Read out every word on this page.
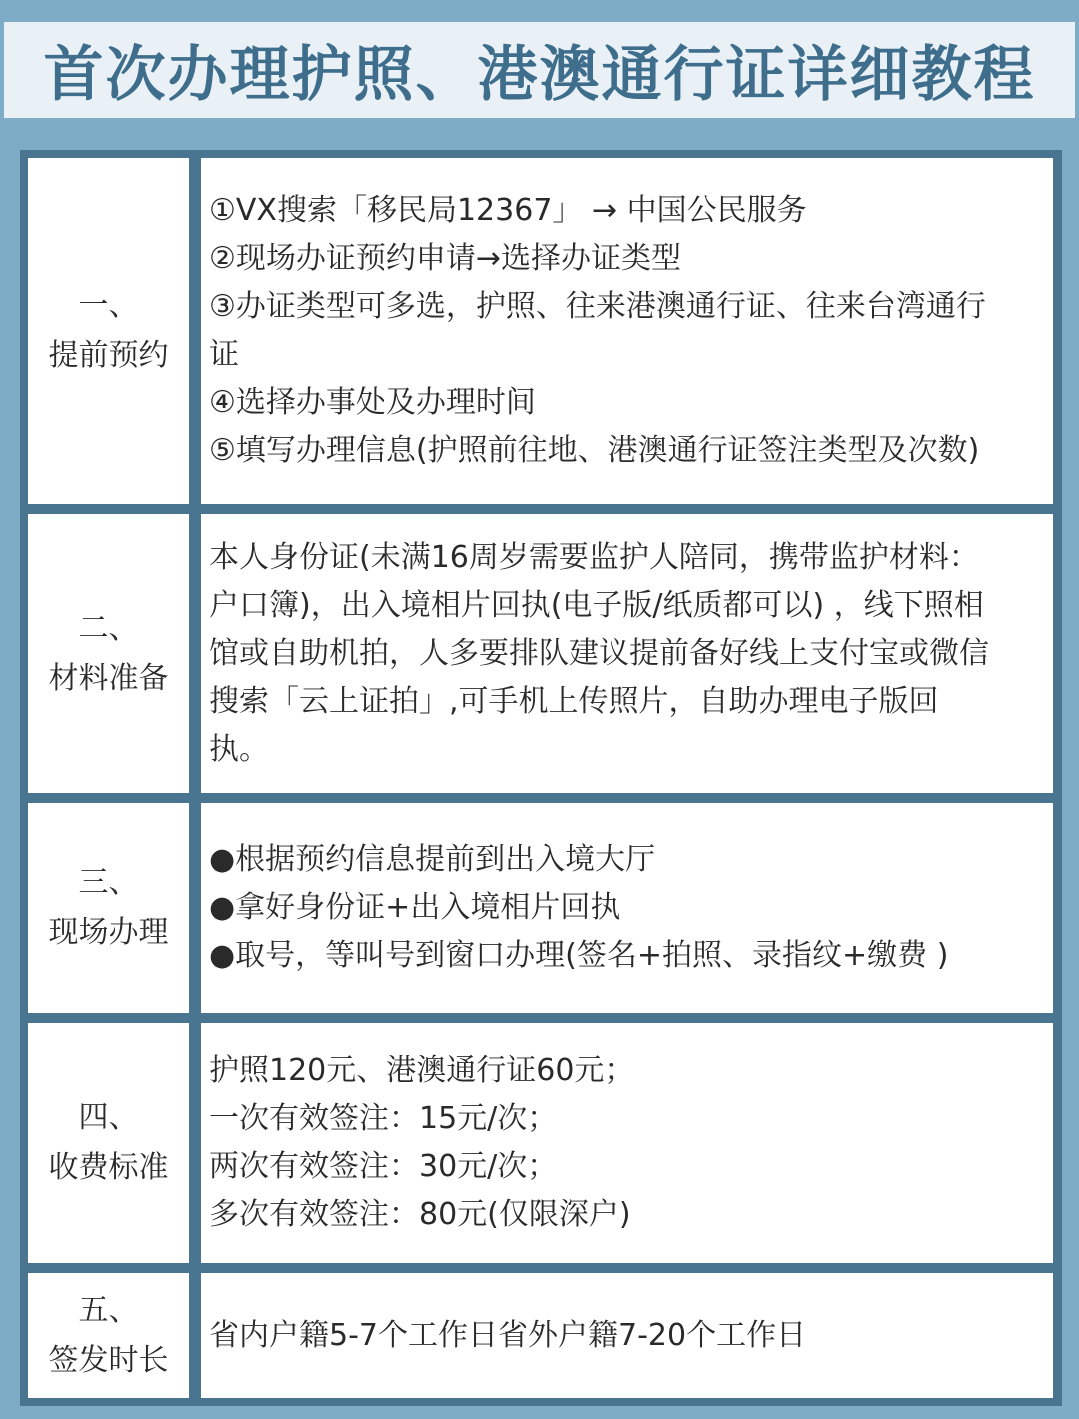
首次办理护照、港澳通行证详细教程
一、
提前预约
①VX搜索「移民局12367」 → 中国公民服务
②现场办证预约申请→选择办证类型
③办证类型可多选，护照、往来港澳通行证、往来台湾通行
证
④选择办事处及办理时间
⑤填写办理信息(护照前往地、港澳通行证签注类型及次数)
二、
材料准备
本人身份证(未满16周岁需要监护人陪同，携带监护材料：
户口簿)，出入境相片回执(电子版/纸质都可以) ，线下照相
馆或自助机拍，人多要排队建议提前备好线上支付宝或微信
搜索「云上证拍」,可手机上传照片，自助办理电子版回
执。
三、
现场办理
●根据预约信息提前到出入境大厅
●拿好身份证+出入境相片回执
●取号，等叫号到窗口办理(签名+拍照、录指纹+缴费 )
四、
收费标准
护照120元、港澳通行证60元；
一次有效签注：15元/次；
两次有效签注：30元/次；
多次有效签注：80元(仅限深户)
五、
签发时长
省内户籍5-7个工作日省外户籍7-20个工作日
